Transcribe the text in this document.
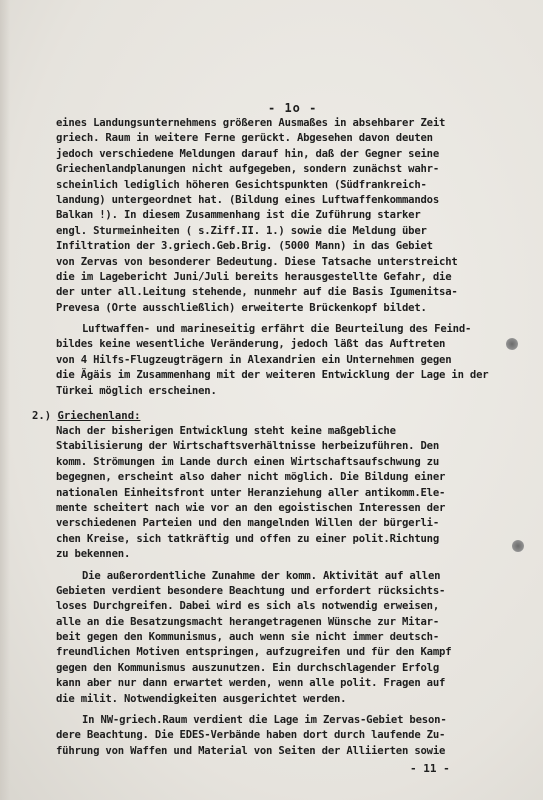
- 1o -
eines Landungsunternehmens größeren Ausmaßes in absehbarer Zeit
griech. Raum in weitere Ferne gerückt. Abgesehen davon deuten
jedoch verschiedene Meldungen darauf hin, daß der Gegner seine
Griechenlandplanungen nicht aufgegeben, sondern zunächst wahr-
scheinlich lediglich höheren Gesichtspunkten (Südfrankreich-
landung) untergeordnet hat. (Bildung eines Luftwaffenkommandos
Balkan !). In diesem Zusammenhang ist die Zuführung starker
engl. Sturmeinheiten ( s.Ziff.II. 1.) sowie die Meldung über
Infiltration der 3.griech.Geb.Brig. (5000 Mann) in das Gebiet
von Zervas von besonderer Bedeutung. Diese Tatsache unterstreicht
die im Lagebericht Juni/Juli bereits herausgestellte Gefahr, die
der unter all.Leitung stehende, nunmehr auf die Basis Igumenitsa-
Prevesa (Orte ausschließlich) erweiterte Brückenkopf bildet.
Luftwaffen- und marineseitig erfährt die Beurteilung des Feind-
bildes keine wesentliche Veränderung, jedoch läßt das Auftreten
von 4 Hilfs-Flugzeugträgern in Alexandrien ein Unternehmen gegen
die Ägäis im Zusammenhang mit der weiteren Entwicklung der Lage in der
Türkei möglich erscheinen.
2.) Griechenland:
Nach der bisherigen Entwicklung steht keine maßgebliche
Stabilisierung der Wirtschaftsverhältnisse herbeizuführen. Den
komm. Strömungen im Lande durch einen Wirtschaftsaufschwung zu
begegnen, erscheint also daher nicht möglich. Die Bildung einer
nationalen Einheitsfront unter Heranziehung aller antikomm.Ele-
mente scheitert nach wie vor an den egoistischen Interessen der
verschiedenen Parteien und den mangelnden Willen der bürgerli-
chen Kreise, sich tatkräftig und offen zu einer polit.Richtung
zu bekennen.
Die außerordentliche Zunahme der komm. Aktivität auf allen
Gebieten verdient besondere Beachtung und erfordert rücksichts-
loses Durchgreifen. Dabei wird es sich als notwendig erweisen,
alle an die Besatzungsmacht herangetragenen Wünsche zur Mitar-
beit gegen den Kommunismus, auch wenn sie nicht immer deutsch-
freundlichen Motiven entspringen, aufzugreifen und für den Kampf
gegen den Kommunismus auszunutzen. Ein durchschlagender Erfolg
kann aber nur dann erwartet werden, wenn alle polit. Fragen auf
die milit. Notwendigkeiten ausgerichtet werden.
In NW-griech.Raum verdient die Lage im Zervas-Gebiet beson-
dere Beachtung. Die EDES-Verbände haben dort durch laufende Zu-
führung von Waffen und Material von Seiten der Alliierten sowie
- 11 -
